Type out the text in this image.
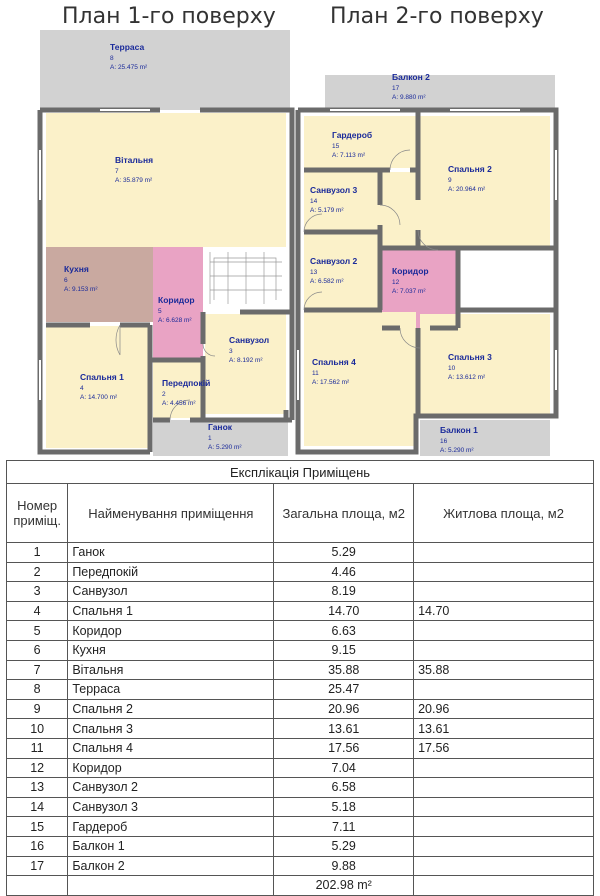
План 1-го поверху План 2-го поверху
Терраса
8
A: 25.475 m²
Вітальня
7
A: 35.879 m²
Кухня
6
A: 9.153 m²
Коридор
5
A: 6.628 m²
Санвузол
3
A: 8.192 m²
Спальня 1
4
A: 14.700 m²
Передпокій
2
A: 4.456 m²
Ганок
1
A: 5.290 m²
Балкон 2
17
A: 9.880 m²
Гардероб
15
A: 7.113 m²
Спальня 2
9
A: 20.964 m²
Санвузол 3
14
A: 5.179 m²
Санвузол 2
13
A: 6.582 m²
Коридор
12
A: 7.037 m²
Спальня 4
11
A: 17.562 m²
Спальня 3
10
A: 13.612 m²
Балкон 1
16
A: 5.290 m²
Експлікація Приміщень			
Номер приміщ.	Найменування приміщення	Загальна площа, м2	Житлова площа, м2
1	Ганок	5.29	
2	Передпокій	4.46	
3	Санвузол	8.19	
4	Спальня 1	14.70	14.70
5	Коридор	6.63	
6	Кухня	9.15	
7	Вітальня	35.88	35.88
8	Терраса	25.47	
9	Спальня 2	20.96	20.96
10	Спальня 3	13.61	13.61
11	Спальня 4	17.56	17.56
12	Коридор	7.04	
13	Санвузол 2	6.58	
14	Санвузол 3	5.18	
15	Гардероб	7.11	
16	Балкон 1	5.29	
17	Балкон 2	9.88	
		202.98 m²	
